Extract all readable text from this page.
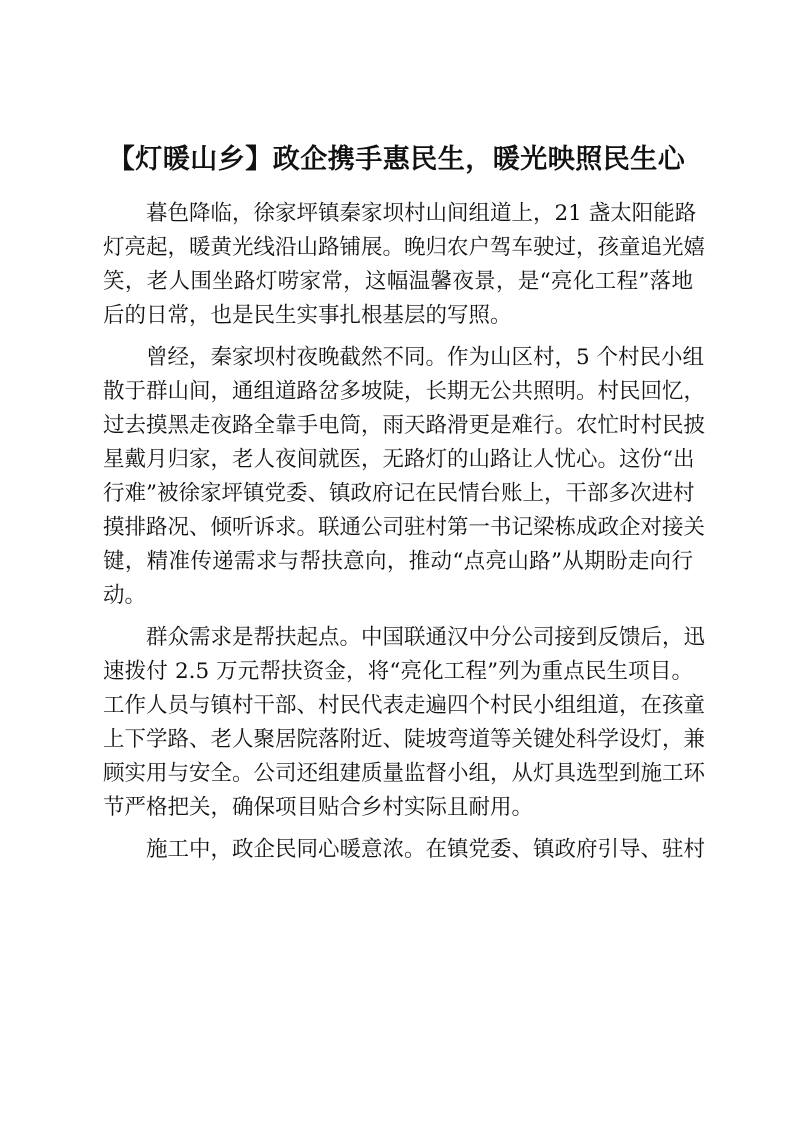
【灯暖山乡】政企携手惠民生，暖光映照民生心

暮色降临，徐家坪镇秦家坝村山间组道上，21 盏太阳能路
灯亮起，暖黄光线沿山路铺展。晚归农户驾车驶过，孩童追光嬉
笑，老人围坐路灯唠家常，这幅温馨夜景，是“亮化工程”落地
后的日常，也是民生实事扎根基层的写照。

曾经，秦家坝村夜晚截然不同。作为山区村，5 个村民小组
散于群山间，通组道路岔多坡陡，长期无公共照明。村民回忆，
过去摸黑走夜路全靠手电筒，雨天路滑更是难行。农忙时村民披
星戴月归家，老人夜间就医，无路灯的山路让人忧心。这份“出
行难”被徐家坪镇党委、镇政府记在民情台账上，干部多次进村
摸排路况、倾听诉求。联通公司驻村第一书记梁栋成政企对接关
键，精准传递需求与帮扶意向，推动“点亮山路”从期盼走向行
动。

群众需求是帮扶起点。中国联通汉中分公司接到反馈后，迅
速拨付 2.5 万元帮扶资金，将“亮化工程”列为重点民生项目。
工作人员与镇村干部、村民代表走遍四个村民小组组道，在孩童
上下学路、老人聚居院落附近、陡坡弯道等关键处科学设灯，兼
顾实用与安全。公司还组建质量监督小组，从灯具选型到施工环
节严格把关，确保项目贴合乡村实际且耐用。

施工中，政企民同心暖意浓。在镇党委、镇政府引导、驻村
